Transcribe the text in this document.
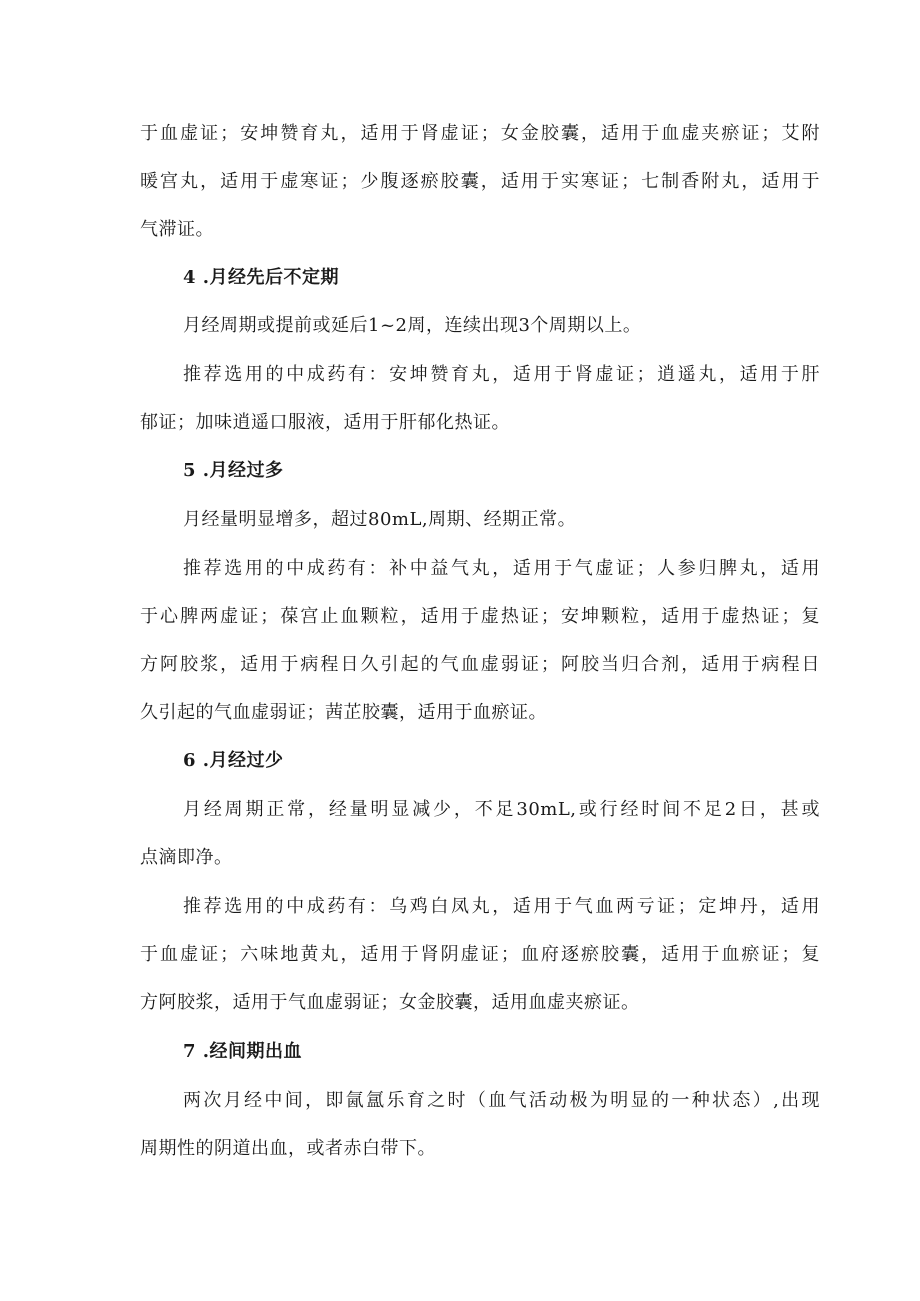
于血虚证；安坤赞育丸，适用于肾虚证；女金胶囊，适用于血虚夹瘀证；艾附
暖宫丸，适用于虚寒证；少腹逐瘀胶囊，适用于实寒证；七制香附丸，适用于
气滞证。
4 .月经先后不定期
月经周期或提前或延后1~2周，连续出现3个周期以上。
推荐选用的中成药有：安坤赞育丸，适用于肾虚证；逍遥丸，适用于肝
郁证；加味逍遥口服液，适用于肝郁化热证。
5 .月经过多
月经量明显增多，超过80mL,周期、经期正常。
推荐选用的中成药有：补中益气丸，适用于气虚证；人参归脾丸，适用
于心脾两虚证；葆宫止血颗粒，适用于虚热证；安坤颗粒，适用于虚热证；复
方阿胶浆，适用于病程日久引起的气血虚弱证；阿胶当归合剂，适用于病程日
久引起的气血虚弱证；茜芷胶囊，适用于血瘀证。
6 .月经过少
月经周期正常，经量明显减少，不足30mL,或行经时间不足2日，甚或
点滴即净。
推荐选用的中成药有：乌鸡白凤丸，适用于气血两亏证；定坤丹，适用
于血虚证；六味地黄丸，适用于肾阴虚证；血府逐瘀胶囊，适用于血瘀证；复
方阿胶浆，适用于气血虚弱证；女金胶囊，适用血虚夹瘀证。
7 .经间期出血
两次月经中间，即氤氲乐育之时（血气活动极为明显的一种状态）,出现
周期性的阴道出血，或者赤白带下。
